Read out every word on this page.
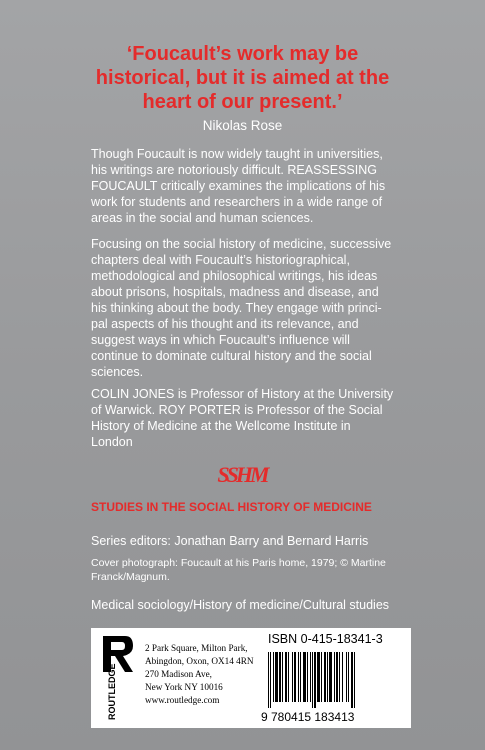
‘Foucault’s work may be
historical, but it is aimed at the
heart of our present.’
Nikolas Rose
Though Foucault is now widely taught in universities,
his writings are notoriously difficult. REASSESSING
FOUCAULT critically examines the implications of his
work for students and researchers in a wide range of
areas in the social and human sciences.
Focusing on the social history of medicine, successive
chapters deal with Foucault’s historiographical,
methodological and philosophical writings, his ideas
about prisons, hospitals, madness and disease, and
his thinking about the body. They engage with princi-
pal aspects of his thought and its relevance, and
suggest ways in which Foucault’s influence will
continue to dominate cultural history and the social
sciences.
COLIN JONES is Professor of History at the University
of Warwick. ROY PORTER is Professor of the Social
History of Medicine at the Wellcome Institute in
London
SSHM
STUDIES IN THE SOCIAL HISTORY OF MEDICINE
Series editors: Jonathan Barry and Bernard Harris
Cover photograph: Foucault at his Paris home, 1979; © Martine
Franck/Magnum.
Medical sociology/History of medicine/Cultural studies
ROUTLEDGE
2 Park Square, Milton Park,
Abingdon, Oxon, OX14 4RN
270 Madison Ave,
New York NY 10016
www.routledge.com
ISBN 0-415-18341-3
9 780415 183413
